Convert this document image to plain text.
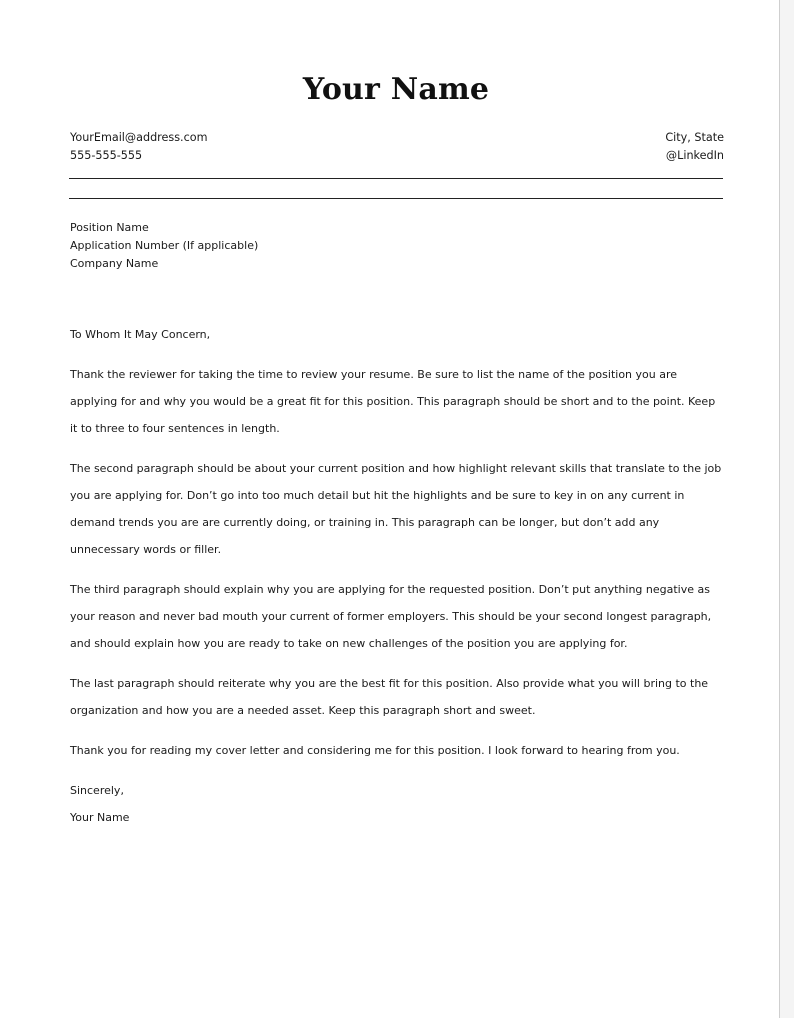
Your Name
YourEmail@address.com
555-555-555
City, State
@LinkedIn
Position Name
Application Number (If applicable)
Company Name

To Whom It May Concern,

Thank the reviewer for taking the time to review your resume. Be sure to list the name of the position you are applying for and why you would be a great fit for this position. This paragraph should be short and to the point. Keep it to three to four sentences in length.

The second paragraph should be about your current position and how highlight relevant skills that translate to the job you are applying for. Don’t go into too much detail but hit the highlights and be sure to key in on any current in demand trends you are are currently doing, or training in. This paragraph can be longer, but don’t add any unnecessary words or filler.

The third paragraph should explain why you are applying for the requested position. Don’t put anything negative as your reason and never bad mouth your current of former employers. This should be your second longest paragraph, and should explain how you are ready to take on new challenges of the position you are applying for.

The last paragraph should reiterate why you are the best fit for this position. Also provide what you will bring to the organization and how you are a needed asset. Keep this paragraph short and sweet.

Thank you for reading my cover letter and considering me for this position. I look forward to hearing from you.

Sincerely,

Your Name
